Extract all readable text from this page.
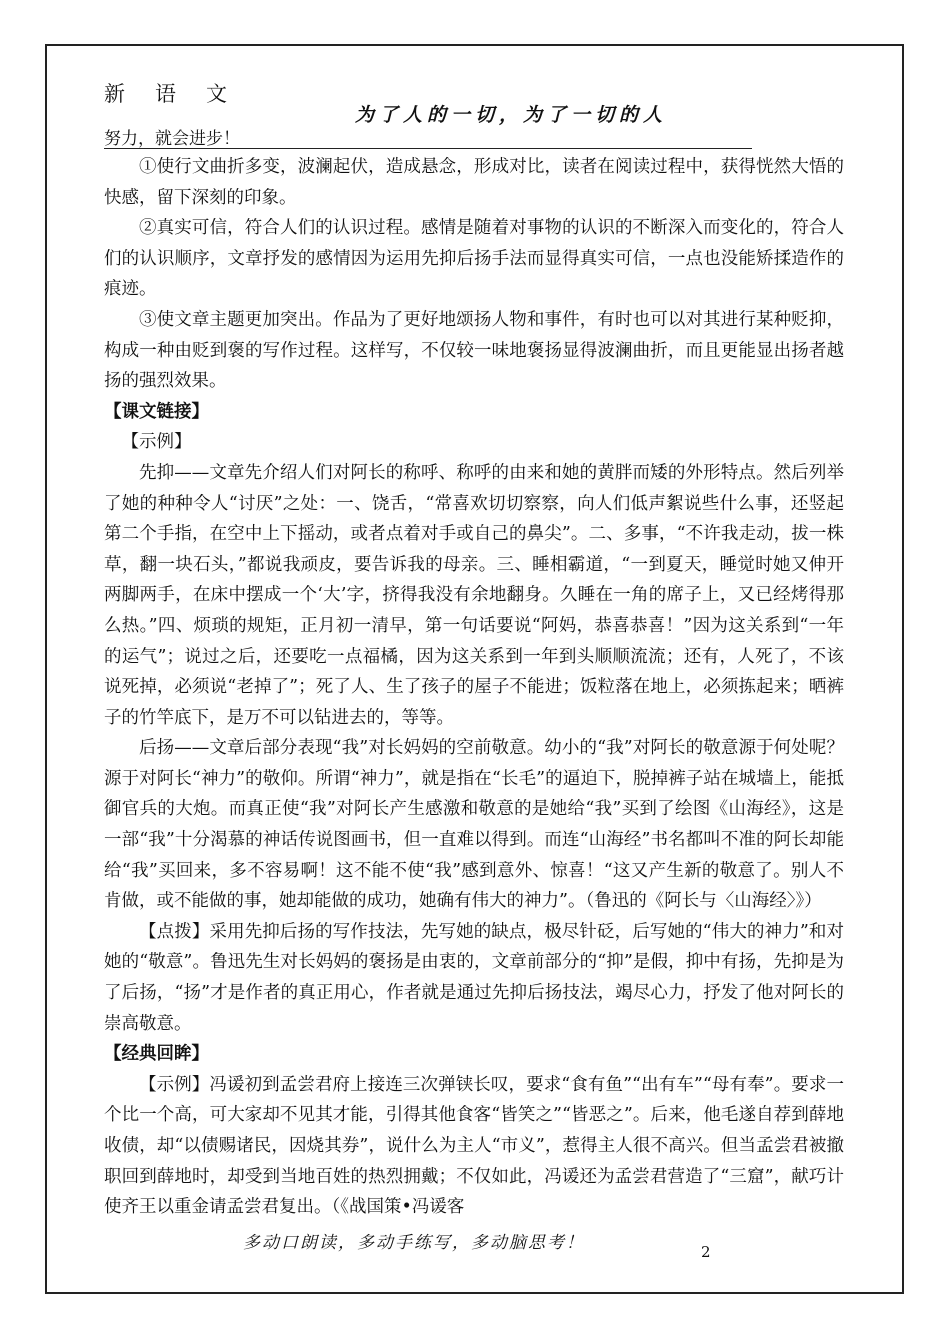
新语文
努力，就会进步！
为了人的一切，为了一切的人

①使行文曲折多变，波澜起伏，造成悬念，形成对比，读者在阅读过程中，获得恍然大悟的快感，留下深刻的印象。

②真实可信，符合人们的认识过程。感情是随着对事物的认识的不断深入而变化的，符合人们的认识顺序，文章抒发的感情因为运用先抑后扬手法而显得真实可信，一点也没能矫揉造作的痕迹。

③使文章主题更加突出。作品为了更好地颂扬人物和事件，有时也可以对其进行某种贬抑，构成一种由贬到褒的写作过程。这样写，不仅较一味地褒扬显得波澜曲折，而且更能显出扬者越扬的强烈效果。

【课文链接】

【示例】

先抑——文章先介绍人们对阿长的称呼、称呼的由来和她的黄胖而矮的外形特点。然后列举了她的种种令人“讨厌”之处：一、饶舌，“常喜欢切切察察，向人们低声絮说些什么事，还竖起第二个手指，在空中上下摇动，或者点着对手或自己的鼻尖”。二、多事，“不许我走动，拔一株草，翻一块石头，”都说我顽皮，要告诉我的母亲。三、睡相霸道，“一到夏天，睡觉时她又伸开两脚两手，在床中摆成一个‘大’字，挤得我没有余地翻身。久睡在一角的席子上，又已经烤得那么热。”四、烦琐的规矩，正月初一清早，第一句话要说“阿妈，恭喜恭喜！”因为这关系到“一年的运气”；说过之后，还要吃一点福橘，因为这关系到一年到头顺顺流流；还有，人死了，不该说死掉，必须说“老掉了”；死了人、生了孩子的屋子不能进；饭粒落在地上，必须拣起来；晒裤子的竹竿底下，是万不可以钻进去的，等等。

后扬——文章后部分表现“我”对长妈妈的空前敬意。幼小的“我”对阿长的敬意源于何处呢？源于对阿长“神力”的敬仰。所谓“神力”，就是指在“长毛”的逼迫下，脱掉裤子站在城墙上，能抵御官兵的大炮。而真正使“我”对阿长产生感激和敬意的是她给“我”买到了绘图《山海经》，这是一部“我”十分渴慕的神话传说图画书，但一直难以得到。而连“山海经”书名都叫不准的阿长却能给“我”买回来，多不容易啊！这不能不使“我”感到意外、惊喜！“这又产生新的敬意了。别人不肯做，或不能做的事，她却能做的成功，她确有伟大的神力”。（鲁迅的《阿长与〈山海经〉》）

【点拨】采用先抑后扬的写作技法，先写她的缺点，极尽针砭，后写她的“伟大的神力”和对她的“敬意”。鲁迅先生对长妈妈的褒扬是由衷的，文章前部分的“抑”是假，抑中有扬，先抑是为了后扬，“扬”才是作者的真正用心，作者就是通过先抑后扬技法，竭尽心力，抒发了他对阿长的崇高敬意。

【经典回眸】

【示例】冯谖初到孟尝君府上接连三次弹铗长叹，要求“食有鱼”“出有车”“母有奉”。要求一个比一个高，可大家却不见其才能，引得其他食客“皆笑之”“皆恶之”。后来，他毛遂自荐到薛地收债，却“以债赐诸民，因烧其券”，说什么为主人“市义”，惹得主人很不高兴。但当孟尝君被撤职回到薛地时，却受到当地百姓的热烈拥戴；不仅如此，冯谖还为孟尝君营造了“三窟”，献巧计使齐王以重金请孟尝君复出。（《战国策•冯谖客

多动口朗读，多动手练写，多动脑思考！	2
